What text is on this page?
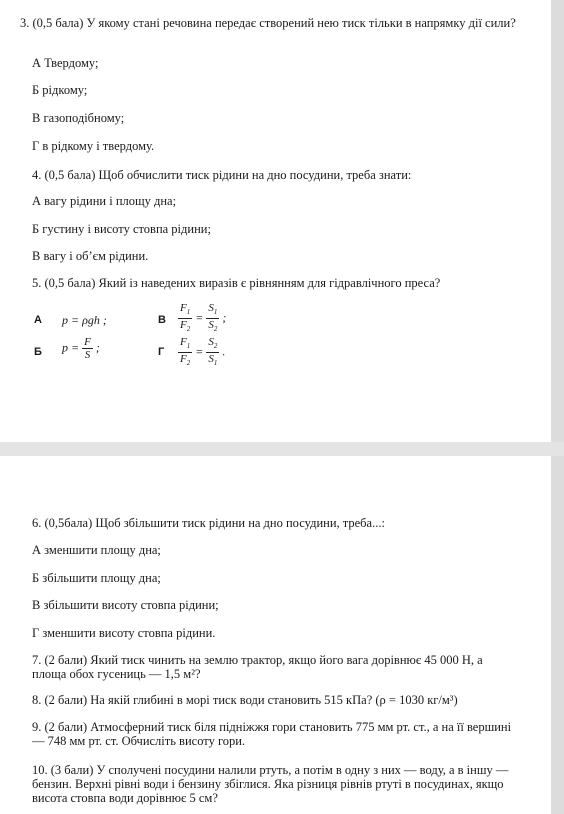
3. (0,5 бала) У якому стані речовина передає створений нею тиск тільки в напрямку дії сили?
А Твердому;
Б рідкому;
В газоподібному;
Г в рідкому і твердому.
4. (0,5 бала) Щоб обчислити тиск рідини на дно посудини, треба знати:
А вагу рідини і площу дна;
Б густину і висоту стовпа рідини;
В вагу і об’єм рідини.
5. (0,5 бала) Який із наведених виразів є рівнянням для гідравлічного преса?
А p = ρgh ;
Б $p = \frac{F}{S}$ ;
В $\frac{F_1}{F_2} = \frac{S_1}{S_2}$ ;
Г $\frac{F_1}{F_2} = \frac{S_2}{S_1}$ .
6. (0,5бала) Щоб збільшити тиск рідини на дно посудини, треба...:
А зменшити площу дна;
Б збільшити площу дна;
В збільшити висоту стовпа рідини;
Г зменшити висоту стовпа рідини.
7. (2 бали) Який тиск чинить на землю трактор, якщо його вага дорівнює 45 000 Н, а площа обох гусениць — 1,5 м²?
8. (2 бали) На якій глибині в морі тиск води становить 515 кПа? (ρ = 1030 кг/м³)
9. (2 бали) Атмосферний тиск біля підніжжя гори становить 775 мм рт. ст., а на її вершині — 748 мм рт. ст. Обчисліть висоту гори.
10. (3 бали) У сполучені посудини налили ртуть, а потім в одну з них — воду, а в іншу — бензин. Верхні рівні води і бензину збіглися. Яка різниця рівнів ртуті в посудинах, якщо висота стовпа води дорівнює 5 см?
